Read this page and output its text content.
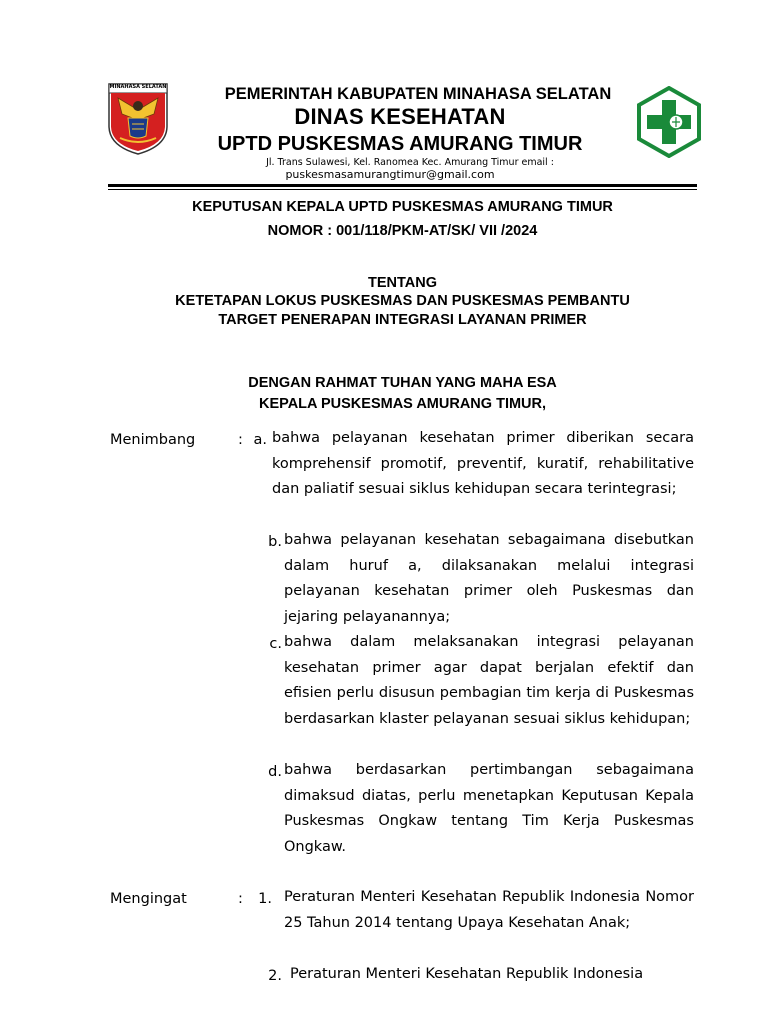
MINAHASA SELATAN	PEMERINTAH KABUPATEN MINAHASA SELATAN
DINAS KESEHATAN
UPTD PUSKESMAS AMURANG TIMUR
Jl. Trans Sulawesi, Kel. Ranomea Kec. Amurang Timur email :
puskesmasamurangtimur@gmail.com
KEPUTUSAN KEPALA UPTD PUSKESMAS AMURANG TIMUR
NOMOR : 001/118/PKM-AT/SK/ VII /2024
TENTANG
KETETAPAN LOKUS PUSKESMAS DAN PUSKESMAS PEMBANTU
TARGET PENERAPAN INTEGRASI LAYANAN PRIMER
DENGAN RAHMAT TUHAN YANG MAHA ESA
KEPALA PUSKESMAS AMURANG TIMUR,
Menimbang	: a. bahwa pelayanan kesehatan primer diberikan secara komprehensif promotif, preventif, kuratif, rehabilitative dan paliatif sesuai siklus kehidupan secara terintegrasi;
b. bahwa pelayanan kesehatan sebagaimana disebutkan dalam huruf a, dilaksanakan melalui integrasi pelayanan kesehatan primer oleh Puskesmas dan jejaring pelayanannya;
c. bahwa dalam melaksanakan integrasi pelayanan kesehatan primer agar dapat berjalan efektif dan efisien perlu disusun pembagian tim kerja di Puskesmas berdasarkan klaster pelayanan sesuai siklus kehidupan;
d. bahwa berdasarkan pertimbangan sebagaimana dimaksud diatas, perlu menetapkan Keputusan Kepala Puskesmas Ongkaw tentang Tim Kerja Puskesmas Ongkaw.
Mengingat	: 1. Peraturan Menteri Kesehatan Republik Indonesia Nomor 25 Tahun 2014 tentang Upaya Kesehatan Anak;
2. Peraturan Menteri Kesehatan Republik Indonesia
